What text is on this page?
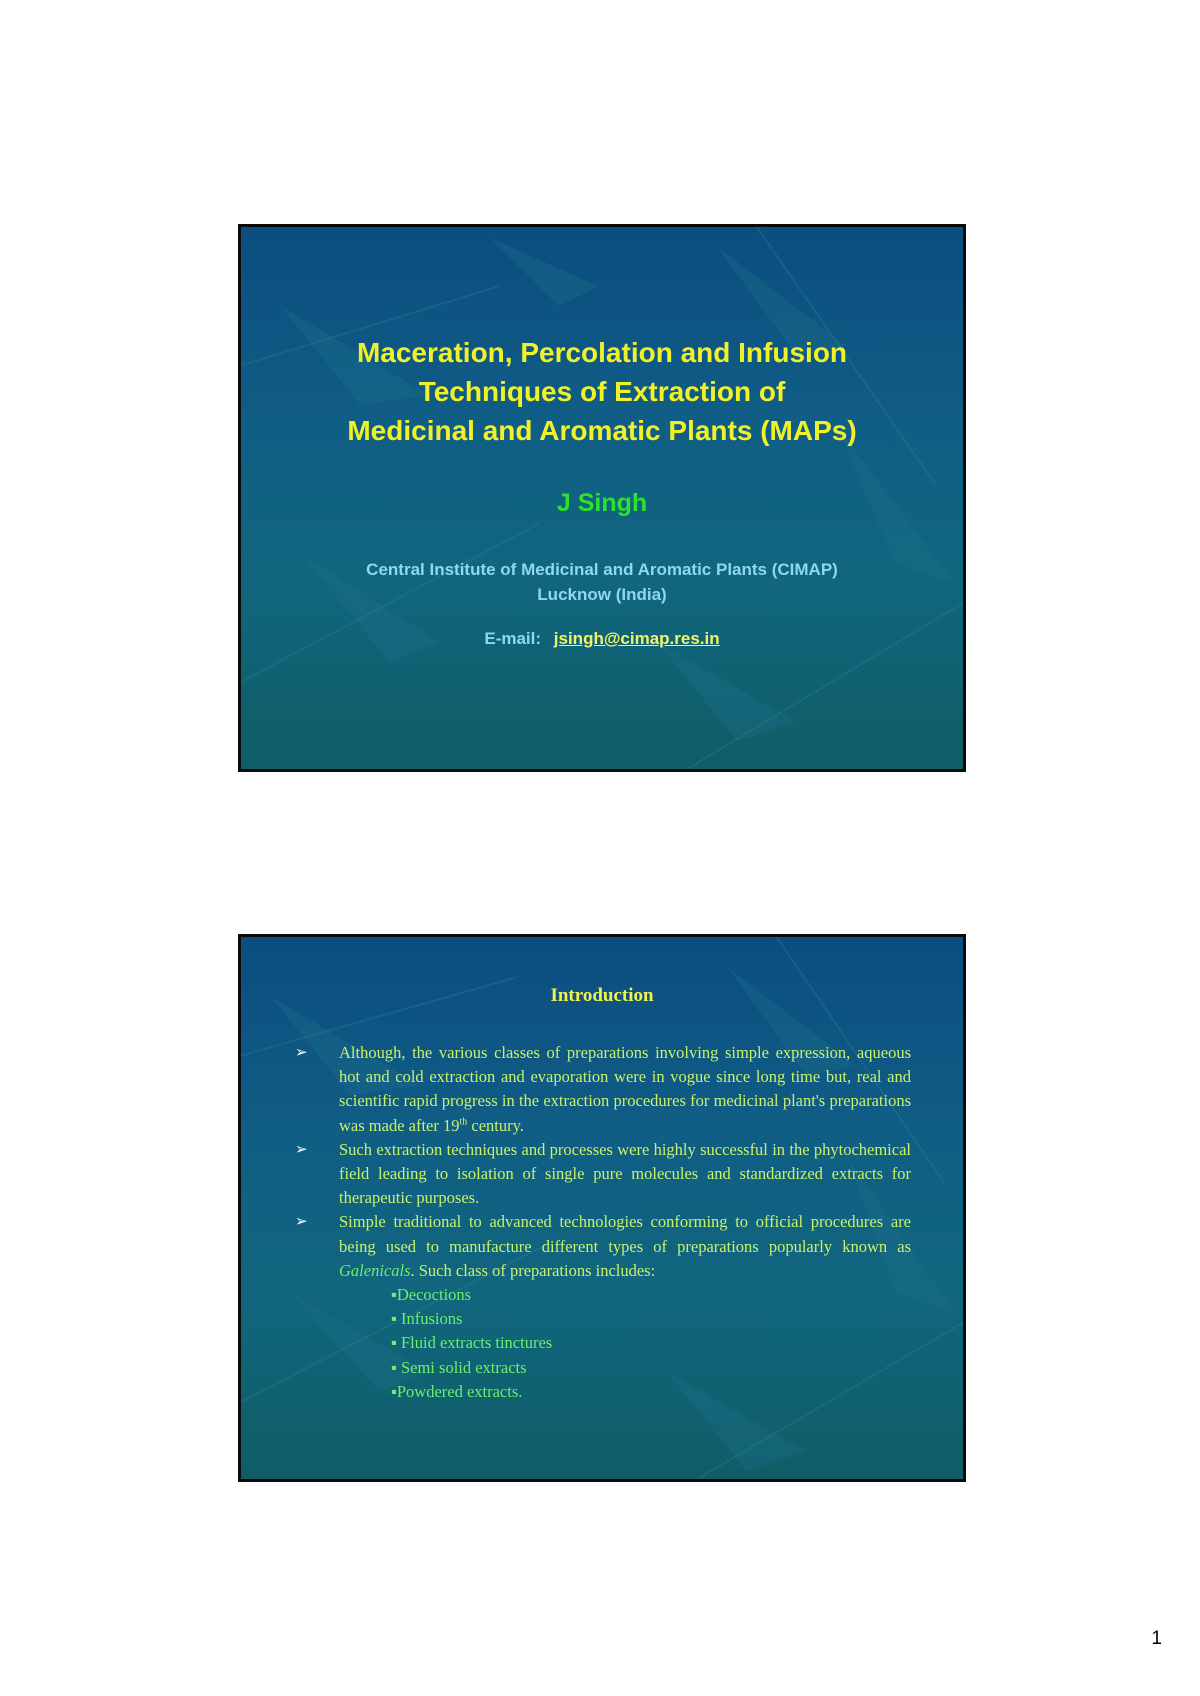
Maceration, Percolation and Infusion
Techniques of Extraction of
Medicinal and Aromatic Plants (MAPs)
J Singh
Central Institute of Medicinal and Aromatic Plants (CIMAP)
Lucknow (India)
E-mail: jsingh@cimap.res.in
Introduction
➢ Although, the various classes of preparations involving simple expression, aqueous hot and cold extraction and evaporation were in vogue since long time but, real and scientific rapid progress in the extraction procedures for medicinal plant's preparations was made after 19th century.
➢ Such extraction techniques and processes were highly successful in the phytochemical field leading to isolation of single pure molecules and standardized extracts for therapeutic purposes.
➢ Simple traditional to advanced technologies conforming to official procedures are being used to manufacture different types of preparations popularly known as Galenicals. Such class of preparations includes:
▪Decoctions
▪ Infusions
▪ Fluid extracts tinctures
▪ Semi solid extracts
▪Powdered extracts.
1
